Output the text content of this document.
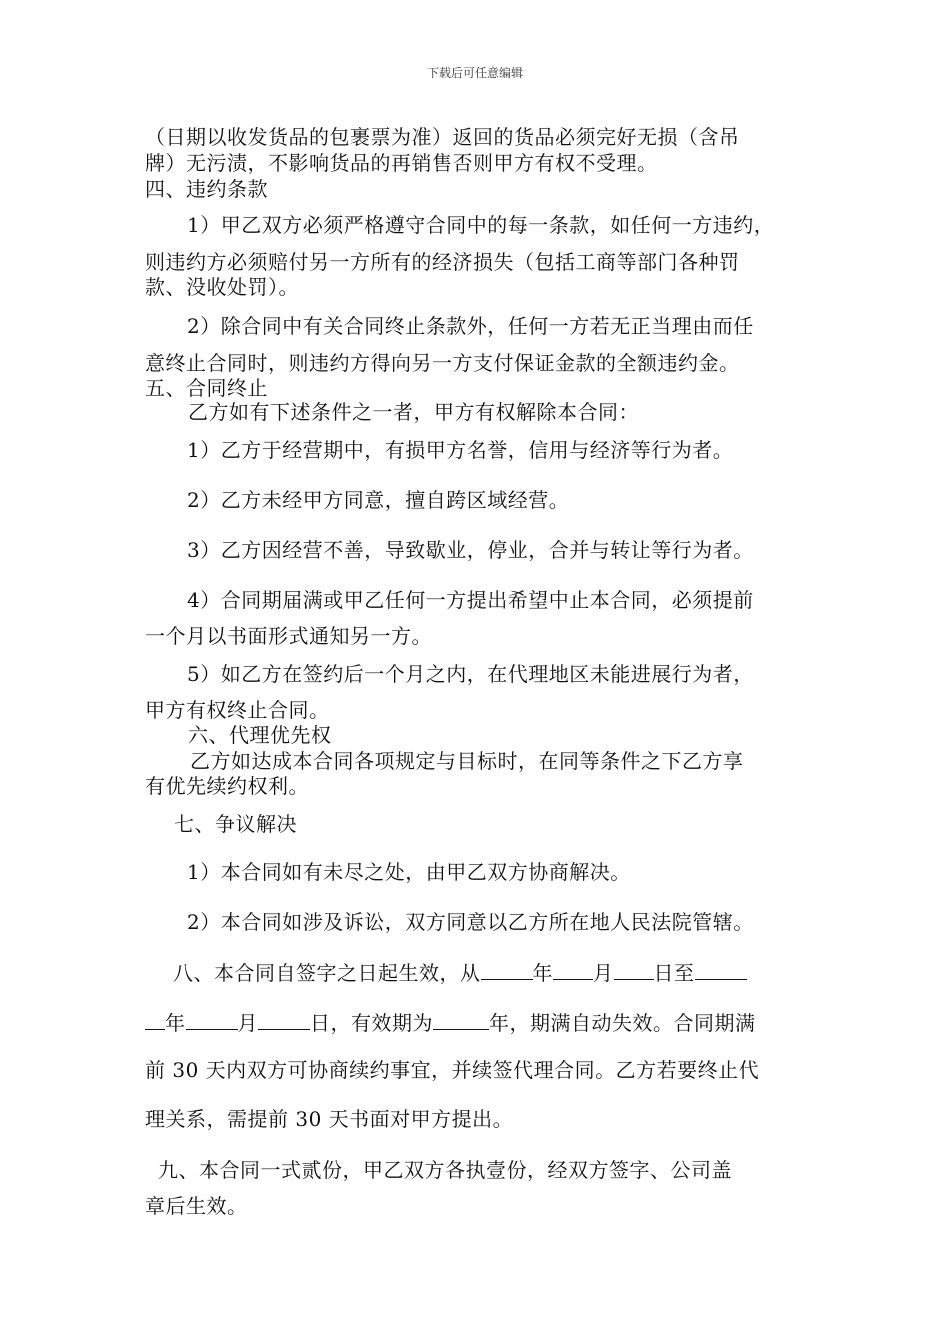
下载后可任意编辑
（日期以收发货品的包裹票为准）返回的货品必须完好无损（含吊
牌）无污渍，不影响货品的再销售否则甲方有权不受理。
四、违约条款
1）甲乙双方必须严格遵守合同中的每一条款，如任何一方违约，
则违约方必须赔付另一方所有的经济损失（包括工商等部门各种罚
款、没收处罚）。
2）除合同中有关合同终止条款外，任何一方若无正当理由而任
意终止合同时，则违约方得向另一方支付保证金款的全额违约金。
五、合同终止
乙方如有下述条件之一者，甲方有权解除本合同：
1）乙方于经营期中，有损甲方名誉，信用与经济等行为者。
2）乙方未经甲方同意，擅自跨区域经营。
3）乙方因经营不善，导致歇业，停业，合并与转让等行为者。
4）合同期届满或甲乙任何一方提出希望中止本合同，必须提前
一个月以书面形式通知另一方。
5）如乙方在签约后一个月之内，在代理地区未能进展行为者，
甲方有权终止合同。
六、代理优先权
乙方如达成本合同各项规定与目标时，在同等条件之下乙方享
有优先续约权利。
七、争议解决
1）本合同如有未尽之处，由甲乙双方协商解决。
2）本合同如涉及诉讼，双方同意以乙方所在地人民法院管辖。
八、本合同自签字之日起生效，从	年 月 日至
年	月	日，有效期为	年，期满自动失效。合同期满
前 30 天内双方可协商续约事宜，并续签代理合同。乙方若要终止代
理关系，需提前 30 天书面对甲方提出。
九、本合同一式贰份，甲乙双方各执壹份，经双方签字、公司盖
章后生效。
